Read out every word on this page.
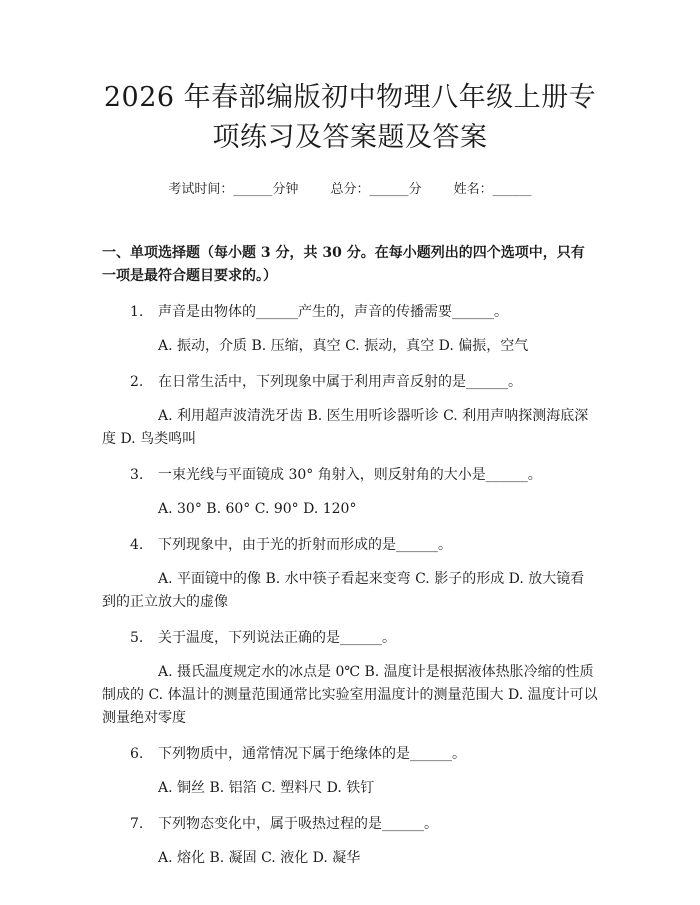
2026 年春部编版初中物理八年级上册专项练习及答案题及答案
考试时间：______分钟 总分：______分 姓名：______
一、单项选择题（每小题 3 分，共 30 分。在每小题列出的四个选项中，只有一项是最符合题目要求的。）
1. 声音是由物体的______产生的，声音的传播需要______。
A. 振动，介质 B. 压缩，真空 C. 振动，真空 D. 偏振，空气
2. 在日常生活中，下列现象中属于利用声音反射的是______。
A. 利用超声波清洗牙齿 B. 医生用听诊器听诊 C. 利用声呐探测海底深度 D. 鸟类鸣叫
3. 一束光线与平面镜成 30° 角射入，则反射角的大小是______。
A. 30° B. 60° C. 90° D. 120°
4. 下列现象中，由于光的折射而形成的是______。
A. 平面镜中的像 B. 水中筷子看起来变弯 C. 影子的形成 D. 放大镜看到的正立放大的虚像
5. 关于温度，下列说法正确的是______。
A. 摄氏温度规定水的冰点是 0℃ B. 温度计是根据液体热胀冷缩的性质制成的 C. 体温计的测量范围通常比实验室用温度计的测量范围大 D. 温度计可以测量绝对零度
6. 下列物质中，通常情况下属于绝缘体的是______。
A. 铜丝 B. 铝箔 C. 塑料尺 D. 铁钉
7. 下列物态变化中，属于吸热过程的是______。
A. 熔化 B. 凝固 C. 液化 D. 凝华
